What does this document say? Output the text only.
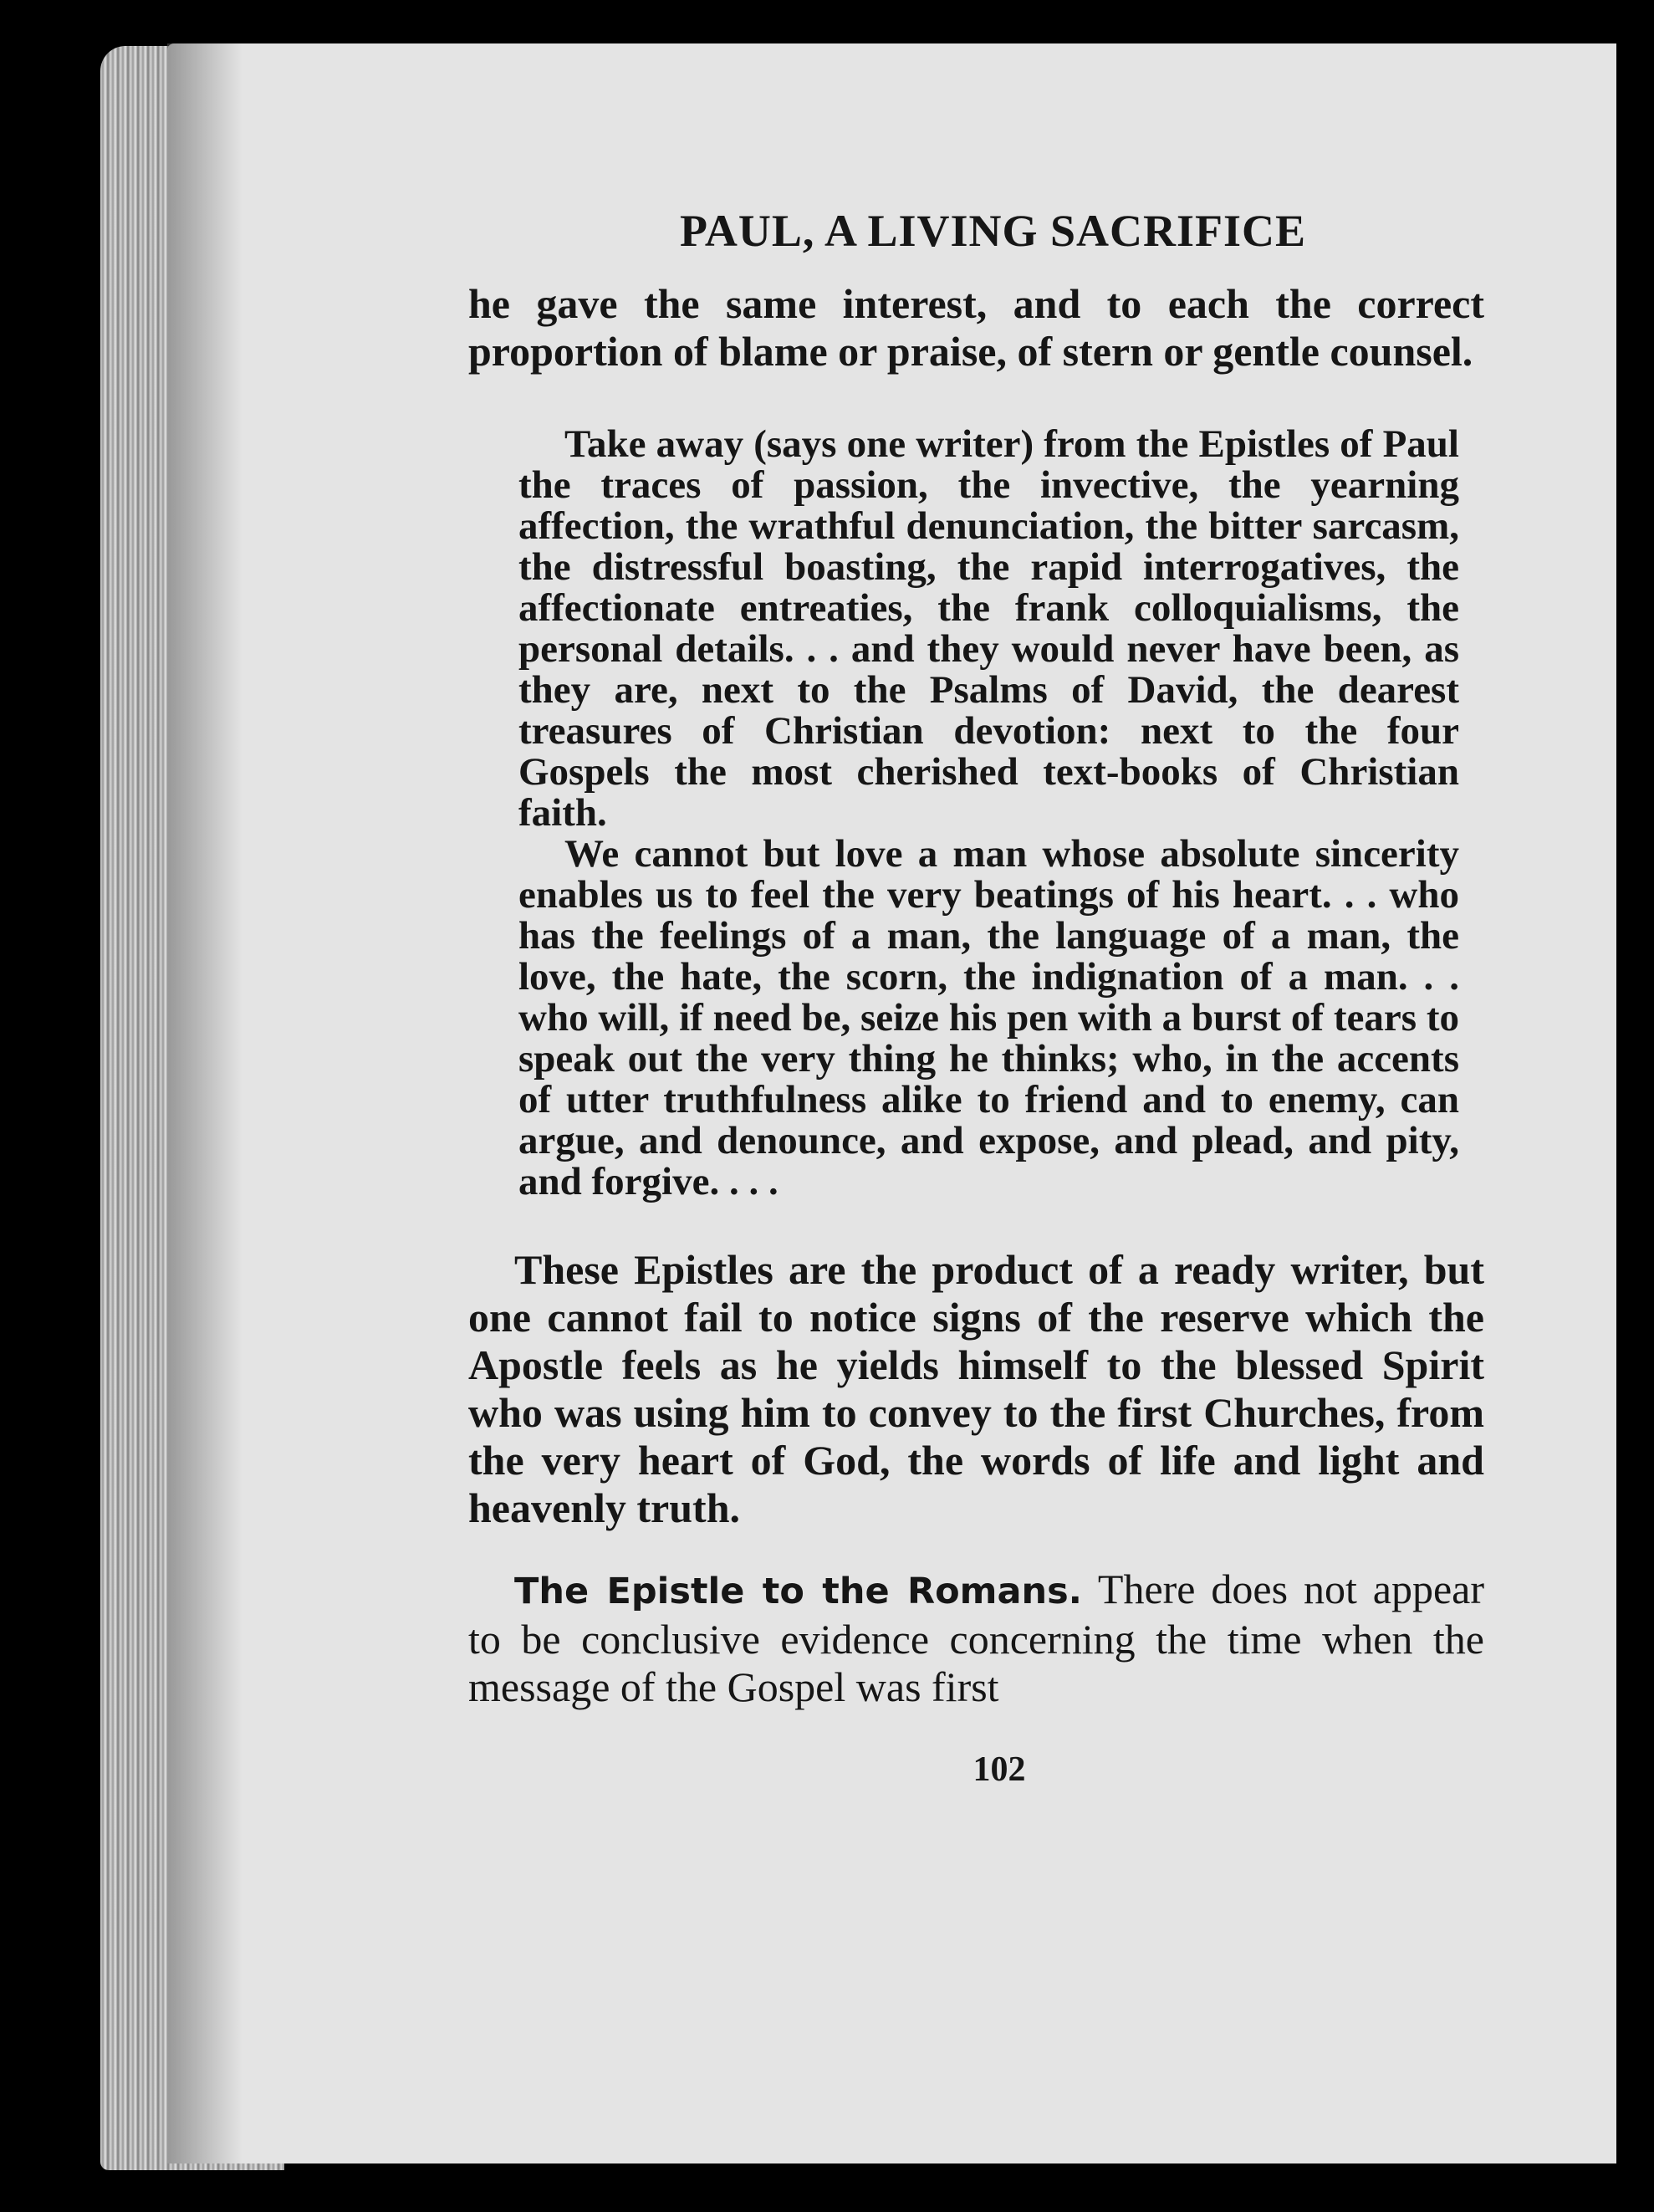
PAUL, A LIVING SACRIFICE

he gave the same interest, and to each the correct proportion of blame or praise, of stern or gentle counsel.

Take away (says one writer) from the Epistles of Paul the traces of passion, the invective, the yearning affection, the wrathful denunciation, the bitter sarcasm, the distressful boasting, the rapid interrogatives, the affectionate entreaties, the frank colloquialisms, the personal details. . . and they would never have been, as they are, next to the Psalms of David, the dearest treasures of Christian devotion: next to the four Gospels the most cherished text-books of Christian faith.

We cannot but love a man whose absolute sincerity enables us to feel the very beatings of his heart. . . who has the feelings of a man, the language of a man, the love, the hate, the scorn, the indignation of a man. . . who will, if need be, seize his pen with a burst of tears to speak out the very thing he thinks; who, in the accents of utter truthfulness alike to friend and to enemy, can argue, and denounce, and expose, and plead, and pity, and forgive. . . .

These Epistles are the product of a ready writer, but one cannot fail to notice signs of the reserve which the Apostle feels as he yields himself to the blessed Spirit who was using him to convey to the first Churches, from the very heart of God, the words of life and light and heavenly truth.

The Epistle to the Romans. There does not appear to be conclusive evidence concerning the time when the message of the Gospel was first

102
